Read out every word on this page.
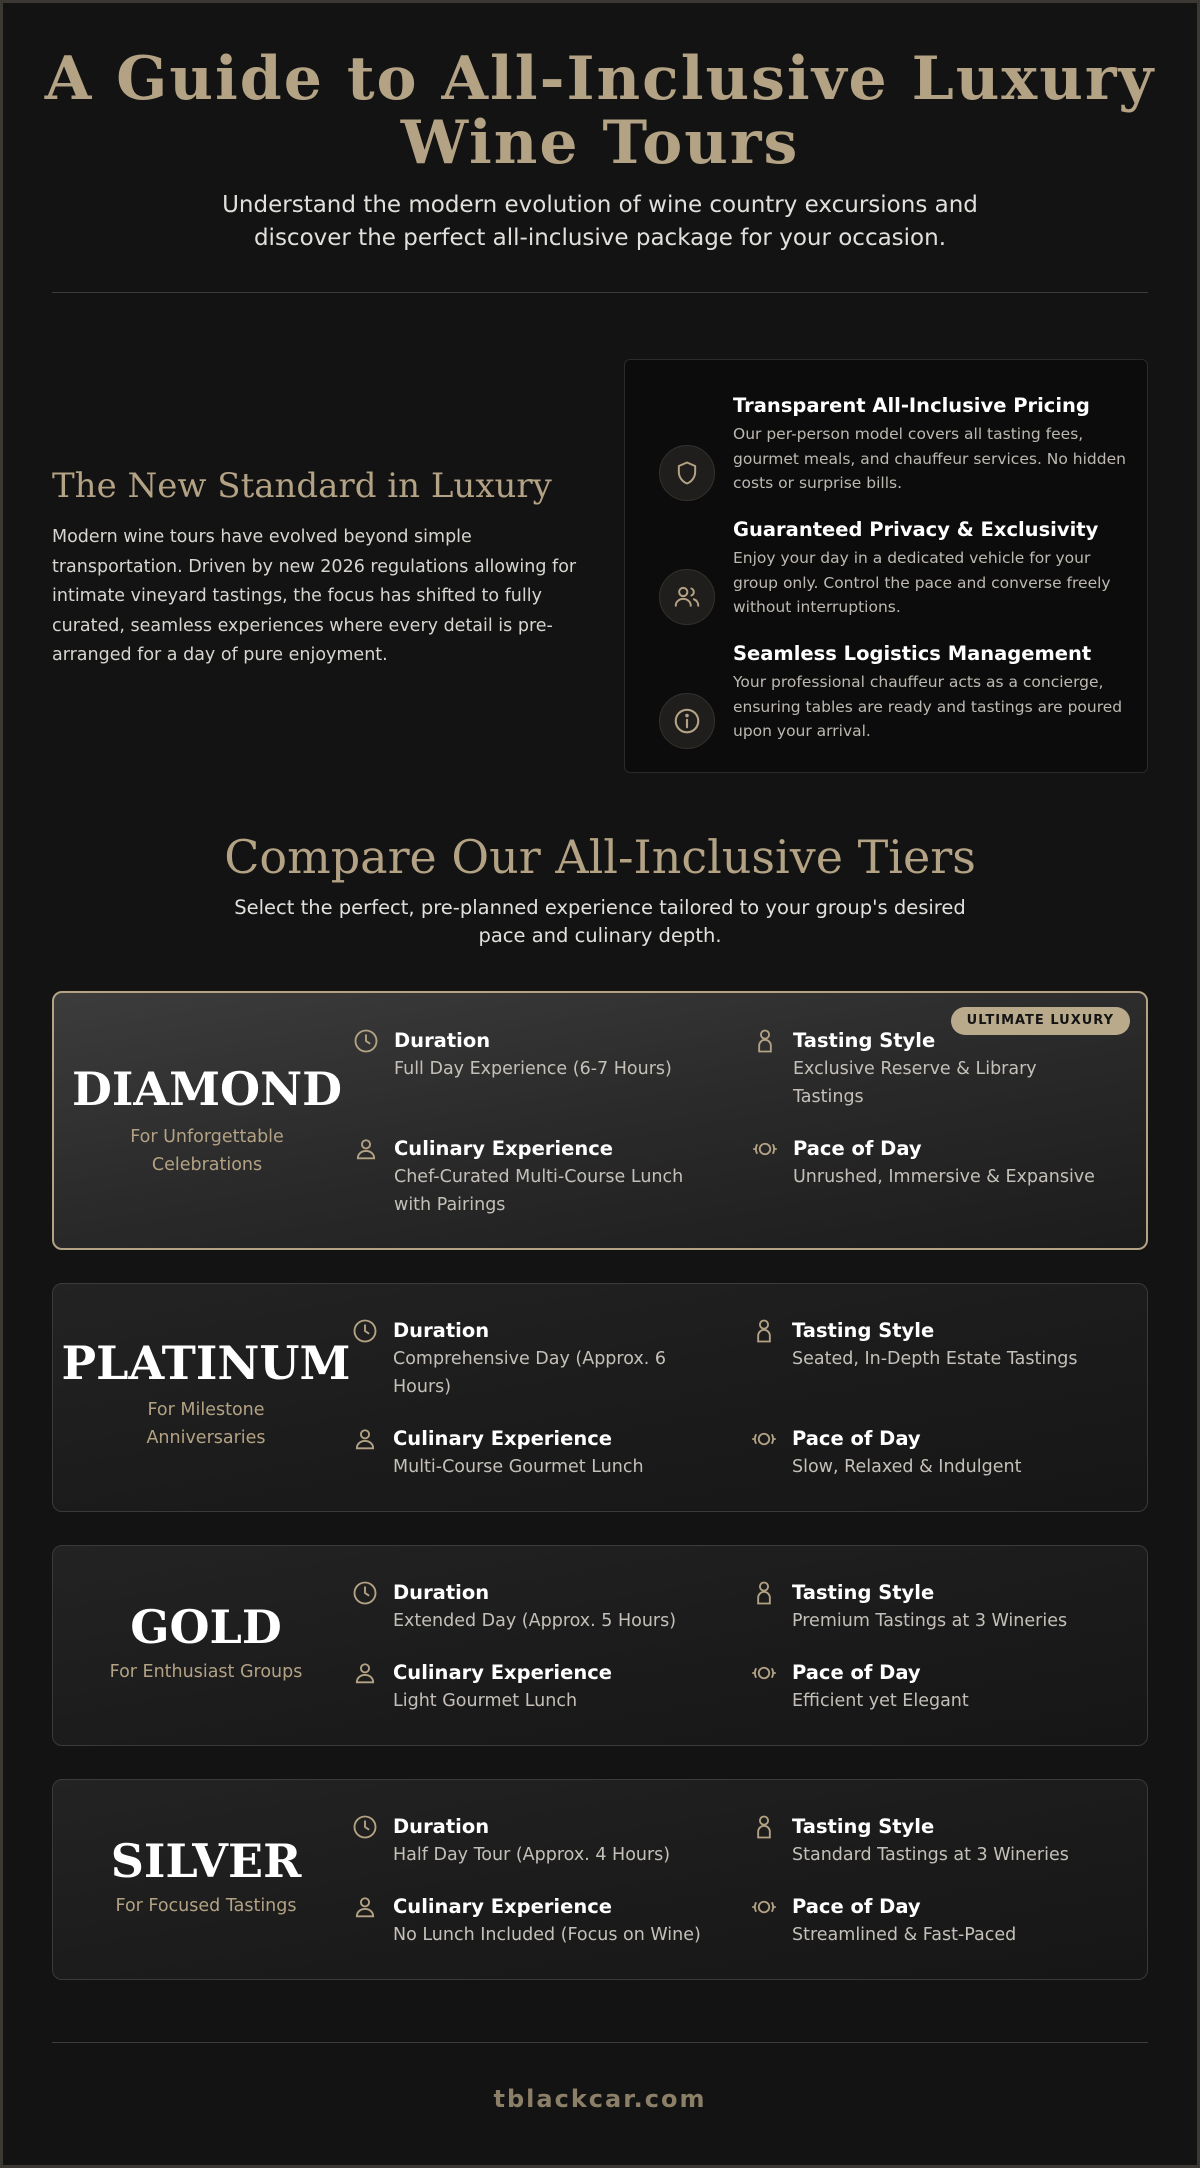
A Guide to All-Inclusive Luxury Wine Tours

Understand the modern evolution of wine country excursions and discover the perfect all-inclusive package for your occasion.

The New Standard in Luxury

Modern wine tours have evolved beyond simple transportation. Driven by new 2026 regulations allowing for intimate vineyard tastings, the focus has shifted to fully curated, seamless experiences where every detail is pre-arranged for a day of pure enjoyment.

Transparent All-Inclusive Pricing

Our per-person model covers all tasting fees, gourmet meals, and chauffeur services. No hidden costs or surprise bills.

Guaranteed Privacy & Exclusivity

Enjoy your day in a dedicated vehicle for your group only. Control the pace and converse freely without interruptions.

Seamless Logistics Management

Your professional chauffeur acts as a concierge, ensuring tables are ready and tastings are poured upon your arrival.

Compare Our All-Inclusive Tiers

Select the perfect, pre-planned experience tailored to your group's desired pace and culinary depth.

ULTIMATE LUXURY
DIAMOND
For Unforgettable Celebrations
Duration
Full Day Experience (6-7 Hours)
Tasting Style
Exclusive Reserve & Library Tastings
Culinary Experience
Chef-Curated Multi-Course Lunch with Pairings
Pace of Day
Unrushed, Immersive & Expansive
PLATINUM
For Milestone Anniversaries
Duration
Comprehensive Day (Approx. 6 Hours)
Tasting Style
Seated, In-Depth Estate Tastings
Culinary Experience
Multi-Course Gourmet Lunch
Pace of Day
Slow, Relaxed & Indulgent
GOLD
For Enthusiast Groups
Duration
Extended Day (Approx. 5 Hours)
Tasting Style
Premium Tastings at 3 Wineries
Culinary Experience
Light Gourmet Lunch
Pace of Day
Efficient yet Elegant
SILVER
For Focused Tastings
Duration
Half Day Tour (Approx. 4 Hours)
Tasting Style
Standard Tastings at 3 Wineries
Culinary Experience
No Lunch Included (Focus on Wine)
Pace of Day
Streamlined & Fast-Paced
tblackcar.com
